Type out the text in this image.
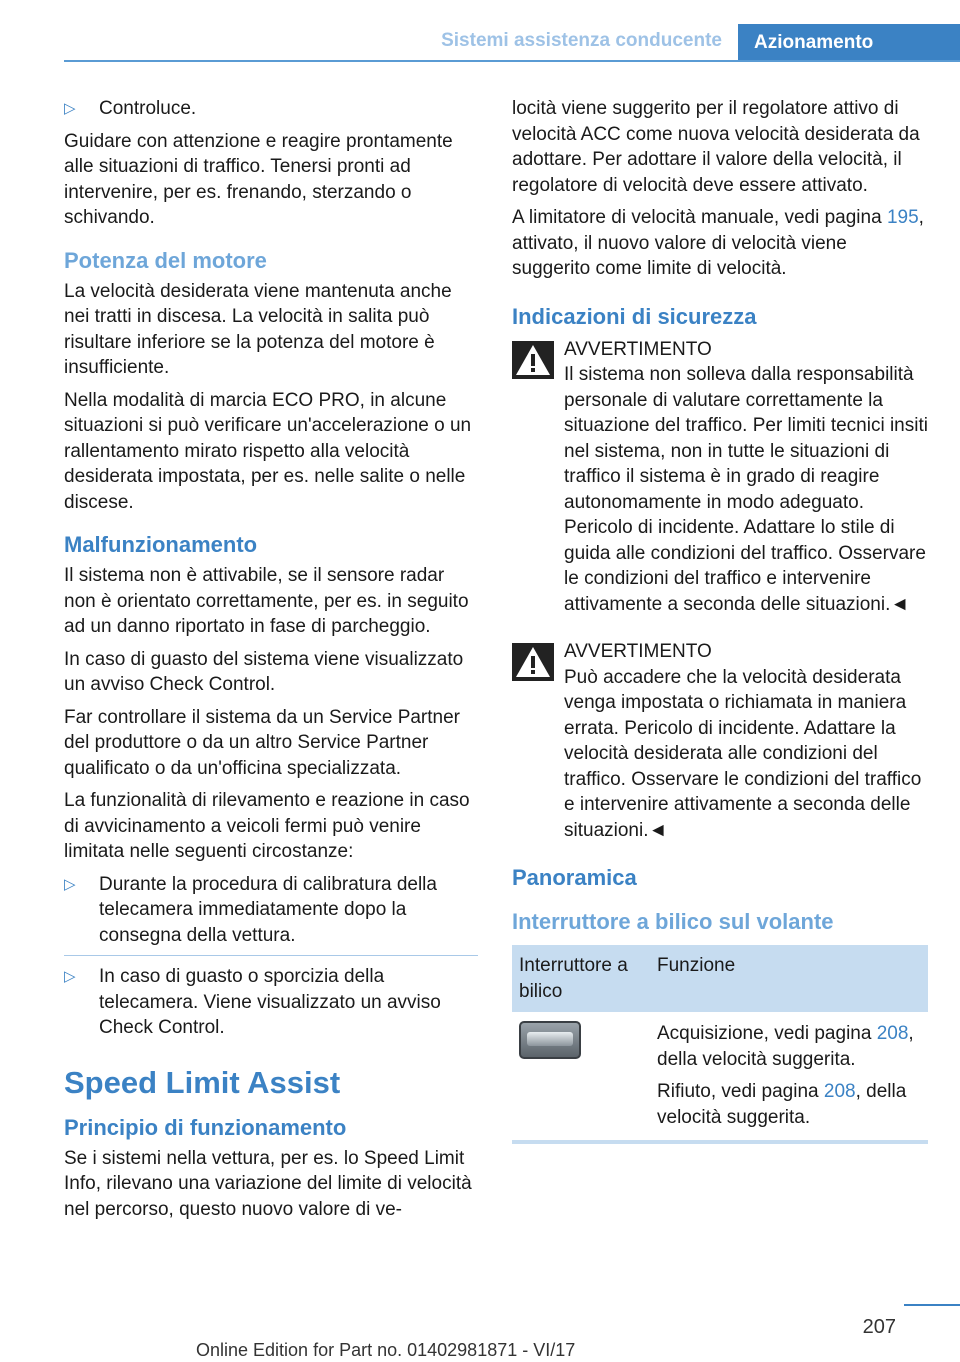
Sistemi assistenza conducente	Azionamento
▷ Controluce.

Guidare con attenzione e reagire prontamente alle situazioni di traffico. Tenersi pronti ad intervenire, per es. frenando, sterzando o schivando.

Potenza del motore

La velocità desiderata viene mantenuta anche nei tratti in discesa. La velocità in salita può risultare inferiore se la potenza del motore è insufficiente.

Nella modalità di marcia ECO PRO, in alcune situazioni si può verificare un'accelerazione o un rallentamento mirato rispetto alla velocità desiderata impostata, per es. nelle salite o nelle discese.

Malfunzionamento

Il sistema non è attivabile, se il sensore radar non è orientato correttamente, per es. in seguito ad un danno riportato in fase di parcheggio.

In caso di guasto del sistema viene visualizzato un avviso Check Control.

Far controllare il sistema da un Service Partner del produttore o da un altro Service Partner qualificato o da un'officina specializzata.

La funzionalità di rilevamento e reazione in caso di avvicinamento a veicoli fermi può venire limitata nelle seguenti circostanze:

▷ Durante la procedura di calibratura della telecamera immediatamente dopo la consegna della vettura.
▷ In caso di guasto o sporcizia della telecamera. Viene visualizzato un avviso Check Control.
Speed Limit Assist
Principio di funzionamento

Se i sistemi nella vettura, per es. lo Speed Limit Info, rilevano una variazione del limite di velocità nel percorso, questo nuovo valore di ve-

locità viene suggerito per il regolatore attivo di velocità ACC come nuova velocità desiderata da adottare. Per adottare il valore della velocità, il regolatore di velocità deve essere attivato.

A limitatore di velocità manuale, vedi pagina 195, attivato, il nuovo valore di velocità viene suggerito come limite di velocità.

Indicazioni di sicurezza
AVVERTIMENTO
Il sistema non solleva dalla responsabilità personale di valutare correttamente la situazione del traffico. Per limiti tecnici insiti nel sistema, non in tutte le situazioni di traffico il sistema è in grado di reagire autonomamente in modo adeguato. Pericolo di incidente. Adattare lo stile di guida alle condizioni del traffico. Osservare le condizioni del traffico e intervenire attivamente a seconda delle situazioni.◄
AVVERTIMENTO
Può accadere che la velocità desiderata venga impostata o richiamata in maniera errata. Pericolo di incidente. Adattare la velocità desiderata alle condizioni del traffico. Osservare le condizioni del traffico e intervenire attivamente a seconda delle situazioni.◄
Panoramica
Interruttore a bilico sul volante
Interruttore a bilico	Funzione

	Acquisizione, vedi pagina 208, della velocità suggerita.

Rifiuto, vedi pagina 208, della velocità suggerita.

207
Online Edition for Part no. 01402981871 - VI/17
